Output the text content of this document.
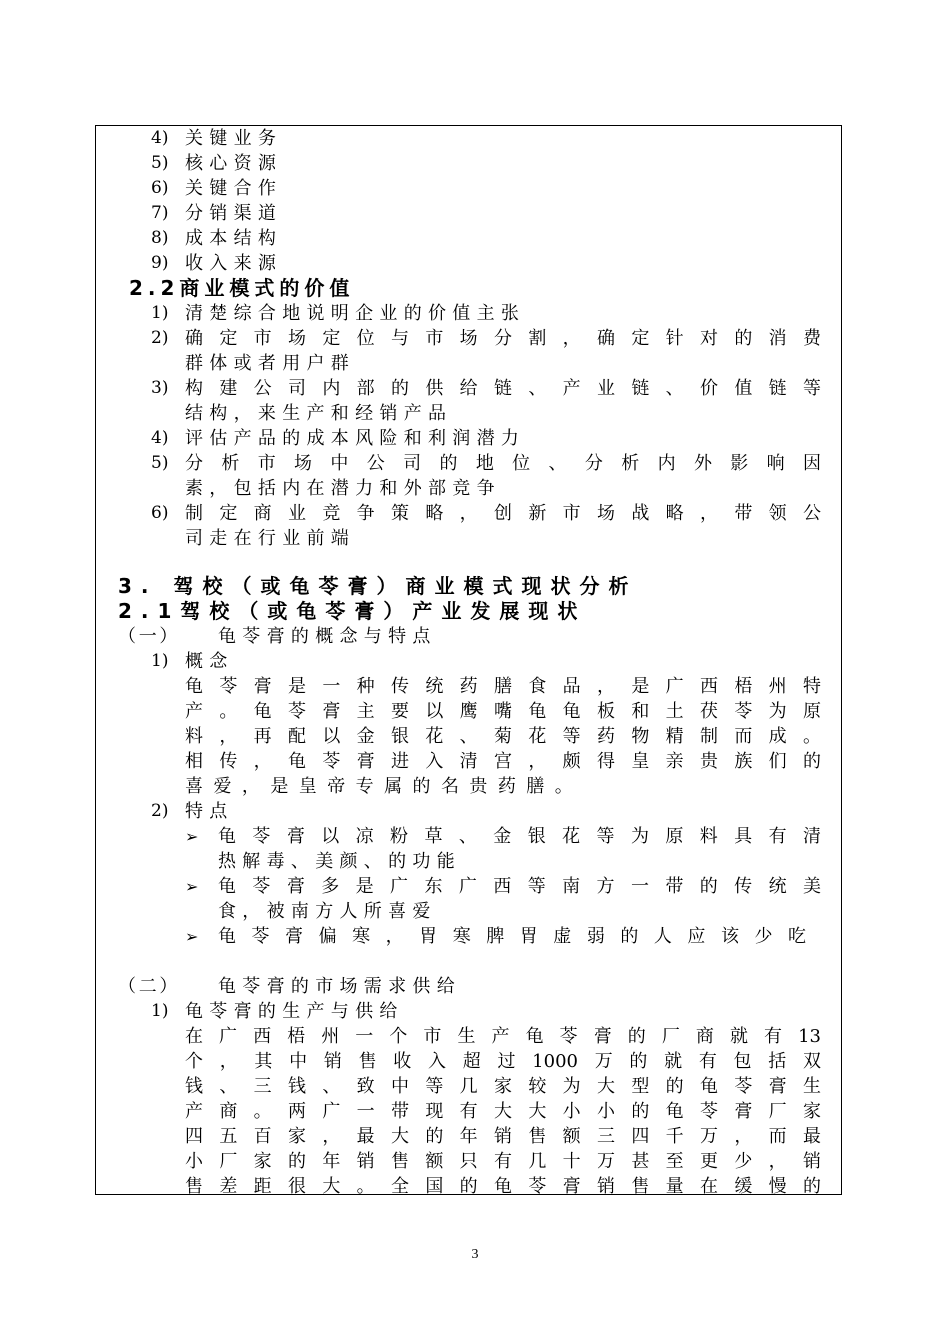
4) 关键业务
5) 核心资源
6) 关键合作
7) 分销渠道
8) 成本结构
9) 收入来源
2.2商业模式的价值
1) 清楚综合地说明企业的价值主张
2) 确定市场定位与市场分割，确定针对的消费
群体或者用户群
3) 构建公司内部的供给链、产业链、价值链等
结构，来生产和经销产品
4) 评估产品的成本风险和利润潜力
5) 分析市场中公司的地位、分析内外影响因
素，包括内在潜力和外部竞争
6) 制定商业竞争策略，创新市场战略，带领公
司走在行业前端
3. 驾校（或龟苓膏）商业模式现状分析
2.1驾校（或龟苓膏）产业发展现状
（一） 龟苓膏的概念与特点
1) 概念
龟苓膏是一种传统药膳食品，是广西梧州特
产。龟苓膏主要以鹰嘴龟龟板和土茯苓为原
料，再配以金银花、菊花等药物精制而成。
相传，龟苓膏进入清宫，颇得皇亲贵族们的
喜爱，是皇帝专属的名贵药膳。
2) 特点
➢ 龟苓膏以凉粉草、金银花等为原料具有清
热解毒、美颜、的功能
➢ 龟苓膏多是广东广西等南方一带的传统美
食，被南方人所喜爱
➢ 龟苓膏偏寒，胃寒脾胃虚弱的人应该少吃
（二） 龟苓膏的市场需求供给
1) 龟苓膏的生产与供给
在广西梧州一个市生产龟苓膏的厂商就有13
个，其中销售收入超过1000万的就有包括双
钱、三钱、致中等几家较为大型的龟苓膏生
产商。两广一带现有大大小小的龟苓膏厂家
四五百家，最大的年销售额三四千万，而最
小厂家的年销售额只有几十万甚至更少，销
售差距很大。全国的龟苓膏销售量在缓慢的
3
